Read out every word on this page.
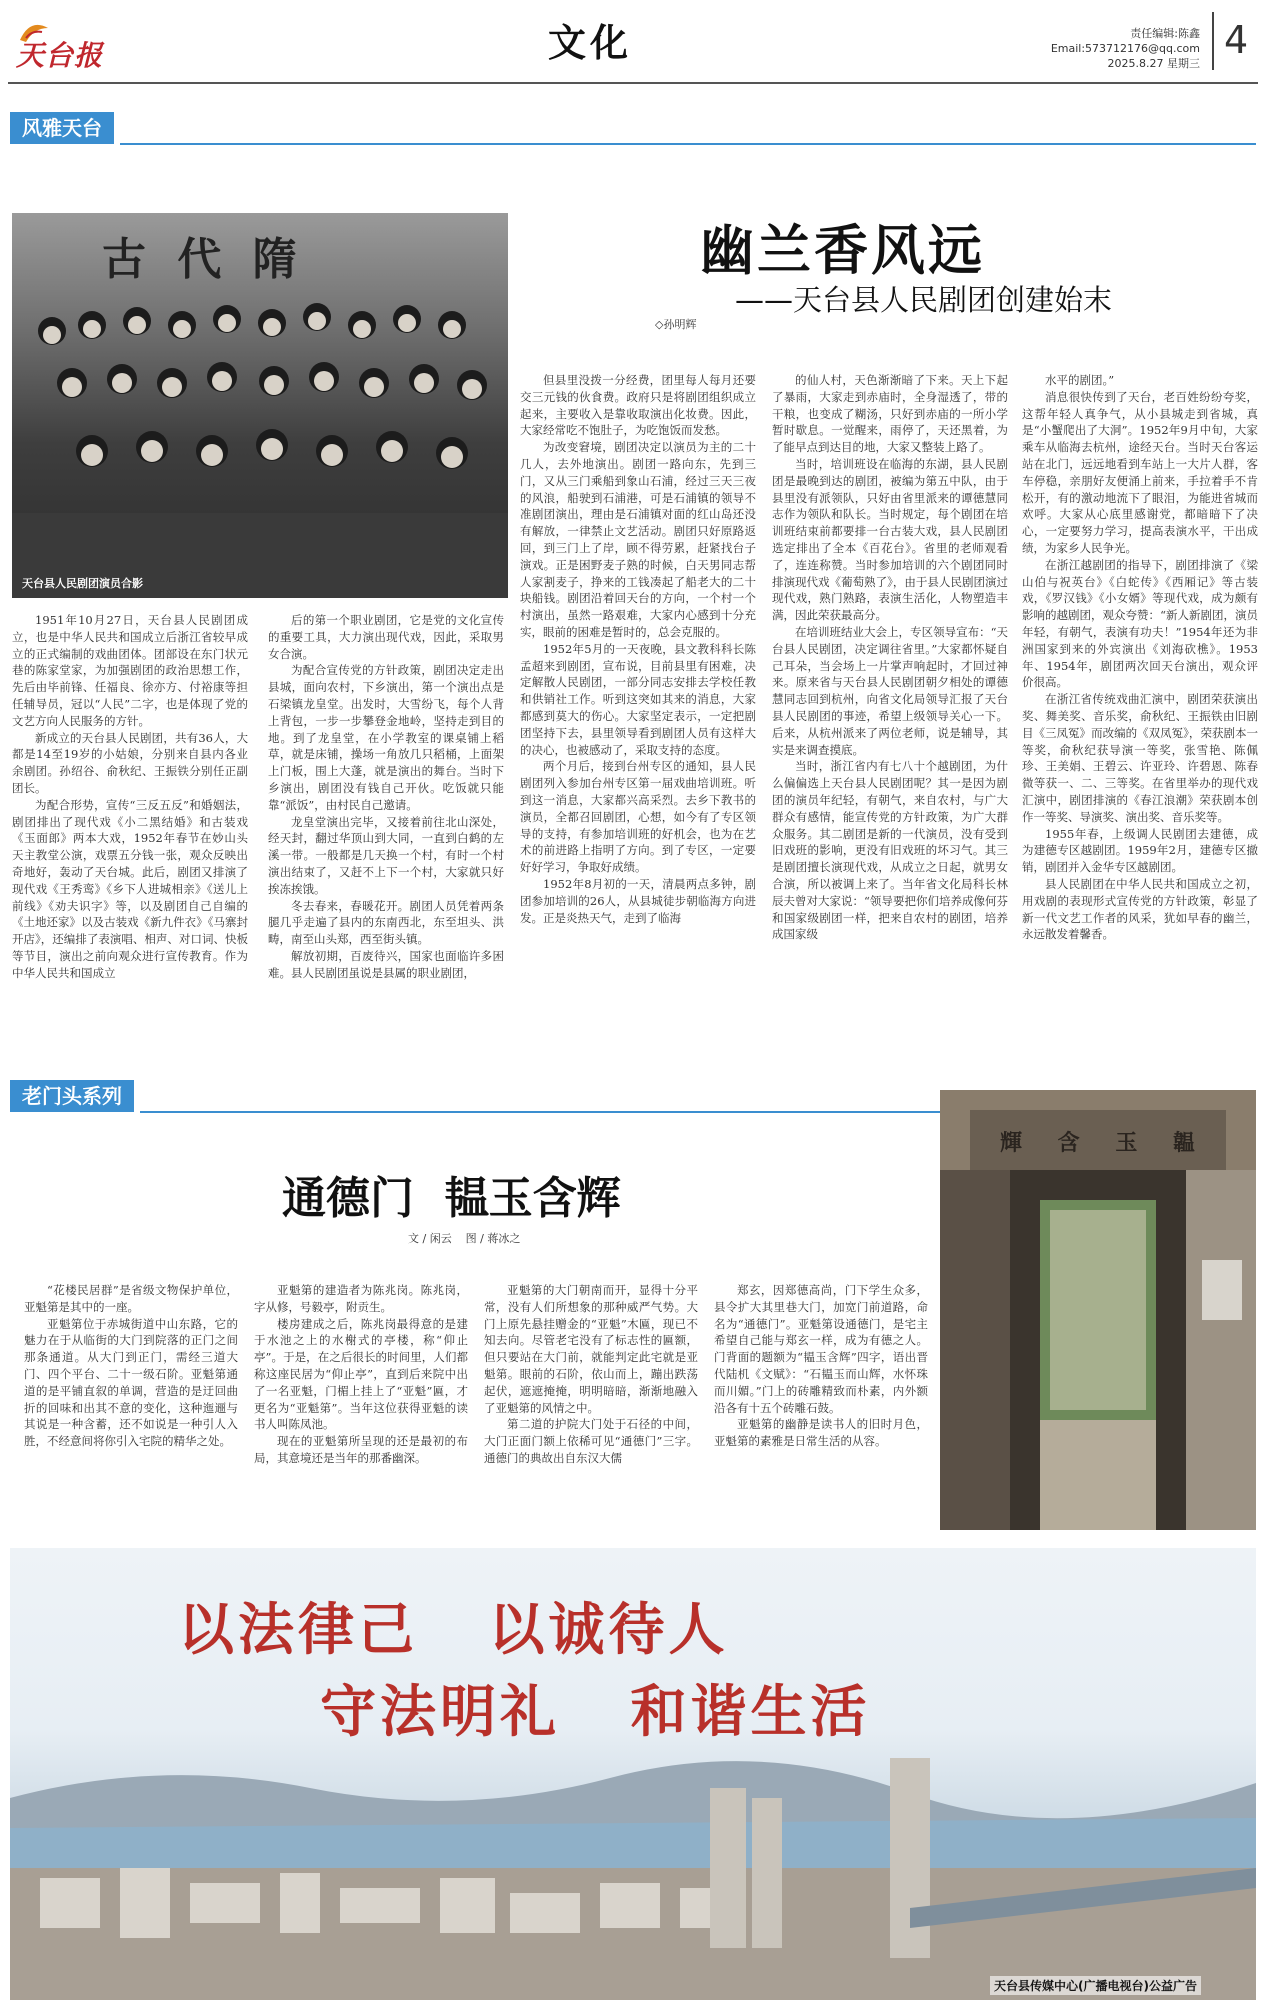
天台报	文化	责任编辑:陈鑫
Email:573712176@qq.com
2025.8.27 星期三
4
风雅天台
古 代 隋
天台县人民剧团演员合影
幽兰香风远
——天台县人民剧团创建始末
◇孙明辉

1951年10月27日，天台县人民剧团成立，也是中华人民共和国成立后浙江省较早成立的正式编制的戏曲团体。团部设在东门状元巷的陈家堂家，为加强剧团的政治思想工作，先后由毕前锋、任福良、徐亦方、付裕康等担任辅导员，冠以“人民”二字，也是体现了党的文艺方向人民服务的方针。

新成立的天台县人民剧团，共有36人，大都是14至19岁的小姑娘，分别来自县内各业余剧团。孙绍谷、俞秋纪、王振铁分别任正副团长。

为配合形势，宣传“三反五反”和婚姻法，剧团排出了现代戏《小二黑结婚》和古装戏《玉面郎》两本大戏，1952年春节在妙山头天主教堂公演，戏票五分钱一张，观众反映出奇地好，轰动了天台城。此后，剧团又排演了现代戏《王秀鸾》《乡下人进城相亲》《送儿上前线》《劝夫识字》等，以及剧团自己自编的《土地还家》以及古装戏《新九件衣》《马寨封开店》，还编排了表演唱、相声、对口词、快板等节目，演出之前向观众进行宣传教育。作为中华人民共和国成立

后的第一个职业剧团，它是党的文化宣传的重要工具，大力演出现代戏，因此，采取男女合演。

为配合宣传党的方针政策，剧团决定走出县城，面向农村，下乡演出，第一个演出点是石梁镇龙皇堂。出发时，大雪纷飞，每个人背上背包，一步一步攀登金地岭，坚持走到目的地。到了龙皇堂，在小学教室的课桌铺上稻草，就是床铺，操场一角放几只稻桶，上面架上门板，围上大蓬，就是演出的舞台。当时下乡演出，剧团没有钱自己开伙。吃饭就只能靠“派饭”，由村民自己邀请。

龙皇堂演出完毕，又接着前往北山深处，经天封，翻过华顶山到大同，一直到白鹤的左溪一带。一般都是几天换一个村，有时一个村演出结束了，又赶不上下一个村，大家就只好挨冻挨饿。

冬去春来，春暖花开。剧团人员凭着两条腿几乎走遍了县内的东南西北，东至坦头、洪畴，南至山头郑，西至街头镇。

解放初期，百废待兴，国家也面临许多困难。县人民剧团虽说是县属的职业剧团，

但县里没拨一分经费，团里每人每月还要交三元钱的伙食费。政府只是将剧团组织成立起来，主要收入是靠收取演出化妆费。因此，大家经常吃不饱肚子，为吃饱饭而发愁。

为改变窘境，剧团决定以演员为主的二十几人，去外地演出。剧团一路向东，先到三门，又从三门乘船到象山石浦，经过三天三夜的风浪，船驶到石浦港，可是石浦镇的领导不准剧团演出，理由是石浦镇对面的红山岛还没有解放，一律禁止文艺活动。剧团只好原路返回，到三门上了岸，顾不得劳累，赶紧找台子演戏。正是困野麦子熟的时候，白天男同志帮人家割麦子，挣来的工钱凑起了船老大的二十块船钱。剧团沿着回天台的方向，一个村一个村演出，虽然一路艰难，大家内心感到十分充实，眼前的困难是暂时的，总会克服的。

1952年5月的一天夜晚，县文教科科长陈孟超来到剧团，宣布说，目前县里有困难，决定解散人民剧团，一部分同志安排去学校任教和供销社工作。听到这突如其来的消息，大家都感到莫大的伤心。大家坚定表示，一定把剧团坚持下去，县里领导看到剧团人员有这样大的决心，也被感动了，采取支持的态度。

两个月后，接到台州专区的通知，县人民剧团列入参加台州专区第一届戏曲培训班。听到这一消息，大家都兴高采烈。去乡下教书的演员，全都召回剧团，心想，如今有了专区领导的支持，有参加培训班的好机会，也为在艺术的前进路上指明了方向。到了专区，一定要好好学习，争取好成绩。

1952年8月初的一天，清晨两点多钟，剧团参加培训的26人，从县城徒步朝临海方向进发。正是炎热天气，走到了临海

的仙人村，天色渐渐暗了下来。天上下起了暴雨，大家走到赤庙时，全身湿透了，带的干粮，也变成了糊汤，只好到赤庙的一所小学暂时歇息。一觉醒来，雨停了，天还黑着，为了能早点到达目的地，大家又整装上路了。

当时，培训班设在临海的东湖，县人民剧团是最晚到达的剧团，被编为第五中队，由于县里没有派领队，只好由省里派来的谭德慧同志作为领队和队长。当时规定，每个剧团在培训班结束前都要排一台古装大戏，县人民剧团选定排出了全本《百花台》。省里的老师观看了，连连称赞。当时参加培训的六个剧团同时排演现代戏《葡萄熟了》，由于县人民剧团演过现代戏，熟门熟路，表演生活化，人物塑造丰满，因此荣获最高分。

在培训班结业大会上，专区领导宣布：“天台县人民剧团，决定调往省里。”大家都怀疑自己耳朵，当会场上一片掌声响起时，才回过神来。原来省与天台县人民剧团朝夕相处的谭德慧同志回到杭州，向省文化局领导汇报了天台县人民剧团的事迹，希望上级领导关心一下。后来，从杭州派来了两位老师，说是辅导，其实是来调查摸底。

当时，浙江省内有七八十个越剧团，为什么偏偏选上天台县人民剧团呢？其一是因为剧团的演员年纪轻，有朝气，来自农村，与广大群众有感情，能宣传党的方针政策，为广大群众服务。其二剧团是新的一代演员，没有受到旧戏班的影响，更没有旧戏班的坏习气。其三是剧团擅长演现代戏，从成立之日起，就男女合演，所以被调上来了。当年省文化局科长林辰夫曾对大家说：“领导要把你们培养成像何芬和国家级剧团一样，把来自农村的剧团，培养成国家级

水平的剧团。”

消息很快传到了天台，老百姓纷纷夸奖，这帮年轻人真争气，从小县城走到省城，真是“小蟹爬出了大洞”。1952年9月中旬，大家乘车从临海去杭州，途经天台。当时天台客运站在北门，远远地看到车站上一大片人群，客车停稳，亲朋好友便涌上前来，手拉着手不肯松开，有的激动地流下了眼泪，为能进省城而欢呼。大家从心底里感谢党，都暗暗下了决心，一定要努力学习，提高表演水平，干出成绩，为家乡人民争光。

在浙江越剧团的指导下，剧团排演了《梁山伯与祝英台》《白蛇传》《西厢记》等古装戏，《罗汉钱》《小女婿》等现代戏，成为颇有影响的越剧团，观众夸赞：“新人新剧团，演员年轻，有朝气，表演有功夫！”1954年还为非洲国家到来的外宾演出《刘海砍樵》。1953年、1954年，剧团两次回天台演出，观众评价很高。

在浙江省传统戏曲汇演中，剧团荣获演出奖、舞美奖、音乐奖，俞秋纪、王振铁由旧剧目《三凤冤》而改编的《双凤冤》，荣获剧本一等奖，俞秋纪获导演一等奖，张雪艳、陈佩珍、王美娟、王碧云、许亚玲、许碧恩、陈春微等获一、二、三等奖。在省里举办的现代戏汇演中，剧团排演的《春江浪潮》荣获剧本创作一等奖、导演奖、演出奖、音乐奖等。

1955年春，上级调人民剧团去建德，成为建德专区越剧团。1959年2月，建德专区撤销，剧团并入金华专区越剧团。

县人民剧团在中华人民共和国成立之初，用戏剧的表现形式宣传党的方针政策，彰显了新一代文艺工作者的风采，犹如早春的幽兰，永远散发着馨香。

老门头系列
通德门  韫玉含辉
文 / 闲云    图 / 蒋冰之

“花楼民居群”是省级文物保护单位，亚魁第是其中的一座。

亚魁第位于赤城街道中山东路，它的魅力在于从临街的大门到院落的正门之间那条通道。从大门到正门，需经三道大门、四个平台、二十一级石阶。亚魁第通道的是平铺直叙的单调，营造的是迂回曲折的回味和出其不意的变化，这种迤逦与其说是一种含蓄，还不如说是一种引人入胜，不经意间将你引入宅院的精华之处。

亚魁第的建造者为陈兆岗。陈兆岗，字从修，号毅亭，附贡生。

楼房建成之后，陈兆岗最得意的是建于水池之上的水榭式的亭楼，称“仰止亭”。于是，在之后很长的时间里，人们都称这座民居为“仰止亭”，直到后来院中出了一名亚魁，门楣上挂上了“亚魁”匾，才更名为“亚魁第”。当年这位获得亚魁的读书人叫陈凤池。

现在的亚魁第所呈现的还是最初的布局，其意境还是当年的那番幽深。

亚魁第的大门朝南而开，显得十分平常，没有人们所想象的那种威严气势。大门上原先悬挂赠金的“亚魁”木匾，现已不知去向。尽管老宅没有了标志性的匾额，但只要站在大门前，就能判定此宅就是亚魁第。眼前的石阶，依山而上，蹦出跌荡起伏，遮遮掩掩，明明暗暗，渐渐地融入了亚魁第的风情之中。

第二道的护院大门处于石径的中间，大门正面门额上依稀可见“通德门”三字。通德门的典故出自东汉大儒

郑玄，因郑德高尚，门下学生众多，县令扩大其里巷大门，加宽门前道路，命名为“通德门”。亚魁第设通德门，是宅主希望自己能与郑玄一样，成为有德之人。门背面的题额为“韫玉含辉”四字，语出晋代陆机《文赋》：“石韫玉而山辉，水怀珠而川媚。”门上的砖雕精致而朴素，内外额沿各有十五个砖雕石鼓。

亚魁第的幽静是读书人的旧时月色，亚魁第的素雅是日常生活的从容。

輝 含 玉 韞
以法律己   以诚待人
守法明礼   和谐生活
天台县传媒中心(广播电视台)公益广告
